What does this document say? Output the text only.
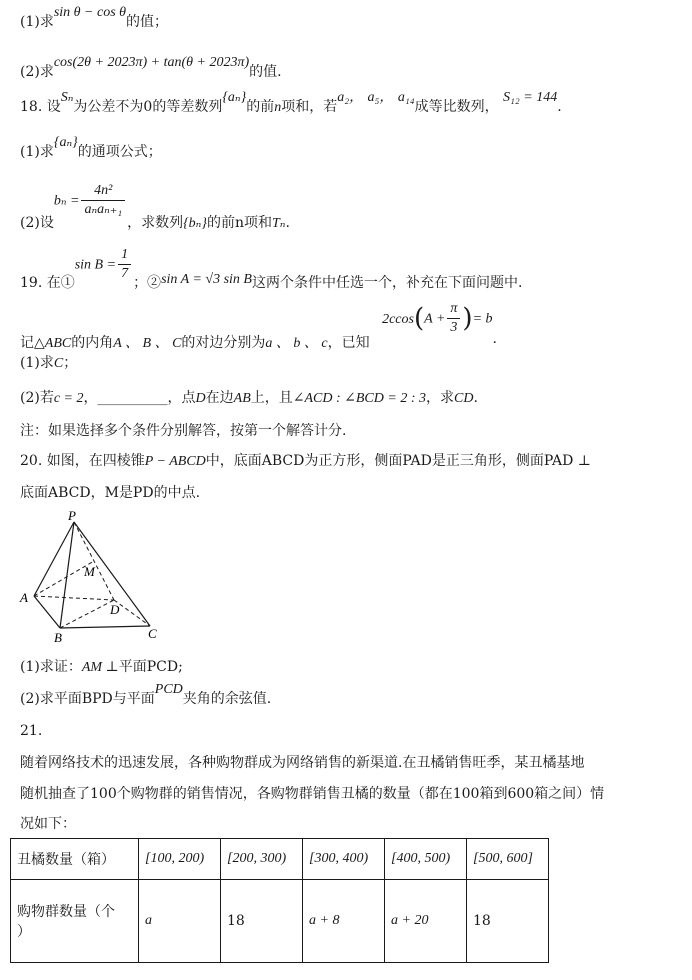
(1)求sin θ − cos θ的值；
(2)求cos(2θ + 2023π) + tan(θ + 2023π)的值.
18. 设Sₙ为公差不为0的等差数列{aₙ}的前n项和，若a₂， a₅， a₁₄成等比数列， S₁₂ = 144.
(1)求{aₙ}的通项公式；
(2)设$b_n = \frac{\text{4n²}}{\text{aₙaₙ₊₁}}$
，求数列{bₙ}的前n项和Tₙ.
19. 在①sin $B = \frac{1}{7}$ ；②sin A = √3 sin B这两个条件中任选一个，补充在下面问题中.
记△ABC的内角A 、 B 、 C的对边分别为a 、 b 、 c，已知 $2ccos(A + \frac{\pi}{3}$ )= b.
(1)求C；
(2)若c = 2，__________，点D在边AB上，且∠ACD : ∠BCD = 2 : 3，求CD.
注：如果选择多个条件分别解答，按第一个解答计分.
20. 如图，在四棱锥P − ABCD中，底面ABCD为正方形，侧面PAD是正三角形，侧面PAD ⊥
底面ABCD，M是PD的中点.
P
M
A
D
B	C
(1)求证：AM ⊥平面PCD;
(2)求平面BPD与平面PCD夹角的余弦值.
21.
随着网络技术的迅速发展，各种购物群成为网络销售的新渠道.在丑橘销售旺季，某丑橘基地
随机抽查了100个购物群的销售情况，各购物群销售丑橘的数量（都在100箱到600箱之间）情
况如下：
丑橘数量（箱）	[100, 200)	[200, 300)	[300, 400)	[400, 500)	[500, 600]
购物群数量（个
）	a	18	a + 8	a + 20	18
